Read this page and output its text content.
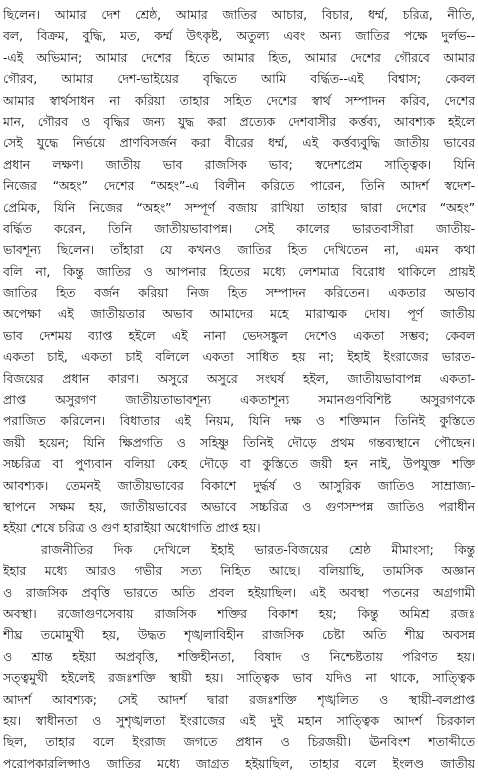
ছিলেন। আমার দেশ শ্রেষ্ঠ, আমার জাতির আচার, বিচার, ধর্ম্ম, চরিত্র, নীতি,
বল, বিক্রম, বুদ্ধি, মত, কর্ম্ম উৎকৃষ্ট, অতুল্য এবং অন্য জাতির পক্ষে দুর্লভ--
-এই অভিমান; আমার দেশের হিতে আমার হিত, আমার দেশের গৌরবে আমার
গৌরব, আমার দেশ-ভাইয়ের বৃদ্ধিতে আমি বর্দ্ধিত--এই বিশ্বাস; কেবল
আমার স্বার্থসাধন না করিয়া তাহার সহিত দেশের স্বার্থ সম্পাদন করিব, দেশের
মান, গৌরব ও বৃদ্ধির জন্য যুদ্ধ করা প্রত্যেক দেশবাসীর কর্ত্তব্য, আবশ্যক হইলে
সেই যুদ্ধে নির্ভয়ে প্রাণবিসর্জন করা বীরের ধর্ম্ম, এই কর্ত্তব্যবুদ্ধি জাতীয় ভাবের
প্রধান লক্ষণ। জাতীয় ভাব রাজসিক ভাব; স্বদেশপ্রেম সাত্ত্বিক। যিনি
নিজের “অহং” দেশের “অহং”-এ বিলীন করিতে পারেন, তিনি আদর্শ স্বদেশ-
প্রেমিক, যিনি নিজের “অহং” সম্পূর্ণ বজায় রাখিয়া তাহার দ্বারা দেশের “অহং”
বর্দ্ধিত করেন, তিনি জাতীয়ভাবাপন্ন। সেই কালের ভারতবাসীরা জাতীয়-
ভাবশূন্য ছিলেন। তাঁহারা যে কখনও জাতির হিত দেখিতেন না, এমন কথা
বলি না, কিন্তু জাতির ও আপনার হিতের মধ্যে লেশমাত্র বিরোধ থাকিলে প্রায়ই
জাতির হিত বর্জন করিয়া নিজ হিত সম্পাদন করিতেন। একতার অভাব
অপেক্ষা এই জাতীয়তার অভাব আমাদের মহে মারাত্মক দোষ। পূর্ণ জাতীয়
ভাব দেশময় ব্যাপ্ত হইলে এই নানা ভেদসঙ্কুল দেশেও একতা সম্ভব; কেবল
একতা চাই, একতা চাই বলিলে একতা সাধিত হয় না; ইহাই ইংরাজের ভারত-
বিজয়ের প্রধান কারণ। অসুরে অসুরে সংঘর্ষ হইল, জাতীয়ভাবাপন্ন একতা-
প্রাপ্ত অসুরগণ জাতীয়তাভাবশূন্য একতাশূন্য সমানগুণবিশিষ্ট অসুরগণকে
পরাজিত করিলেন। বিধাতার এই নিয়ম, যিনি দক্ষ ও শক্তিমান তিনিই কুস্তিতে
জয়ী হয়েন; যিনি ক্ষিপ্রগতি ও সহিষ্ণু তিনিই দৌড়ে প্রথম গন্তব্যস্থানে পৌছেন।
সচ্চরিত্র বা পুণ্যবান বলিয়া কেহ দৌড়ে বা কুস্তিতে জয়ী হন নাই, উপযুক্ত শক্তি
আবশ্যক। তেমনই জাতীয়ভাবের বিকাশে দুর্দ্ধর্ষ ও আসুরিক জাতিও সাম্রাজ্য-
স্থাপনে সক্ষম হয়, জাতীয়ভাবের অভাবে সচ্চরিত্র ও গুণসম্পন্ন জাতিও পরাধীন
হইয়া শেষে চরিত্র ও গুণ হারাইয়া অধোগতি প্রাপ্ত হয়।
রাজনীতির দিক দেখিলে ইহাই ভারত-বিজয়ের শ্রেষ্ঠ মীমাংসা; কিন্তু
ইহার মধ্যে আরও গভীর সত্য নিহিত আছে। বলিয়াছি, তামসিক অজ্ঞান
ও রাজসিক প্রবৃত্তি ভারতে অতি প্রবল হইয়াছিল। এই অবস্থা পতনের অগ্রগামী
অবস্থা। রজোগুণসেবায় রাজসিক শক্তির বিকাশ হয়; কিন্তু অমিশ্র রজঃ
শীঘ্র তমোমুখী হয়, উদ্ধত শৃঙ্খলাবিহীন রাজসিক চেষ্টা অতি শীঘ্র অবসন্ন
ও শ্রান্ত হইয়া অপ্রবৃত্তি, শক্তিহীনতা, বিষাদ ও নিশ্চেষ্টতায় পরিণত হয়।
সত্ত্বমুখী হইলেই রজঃশক্তি স্থায়ী হয়। সাত্ত্বিক ভাব যদিও না থাকে, সাত্ত্বিক
আদর্শ আবশ্যক; সেই আদর্শ দ্বারা রজঃশক্তি শৃঙ্খলিত ও স্থায়ী-বলপ্রাপ্ত
হয়। স্বাধীনতা ও সুশৃঙ্খলতা ইংরাজের এই দুই মহান সাত্ত্বিক আদর্শ চিরকাল
ছিল, তাহার বলে ইংরাজ জগতে প্রধান ও চিরজয়ী। ঊনবিংশ শতাব্দীতে
পরোপকারলিপ্সাও জাতির মধ্যে জাগ্রত হইয়াছিল, তাহার বলে ইংলণ্ড জাতীয়
